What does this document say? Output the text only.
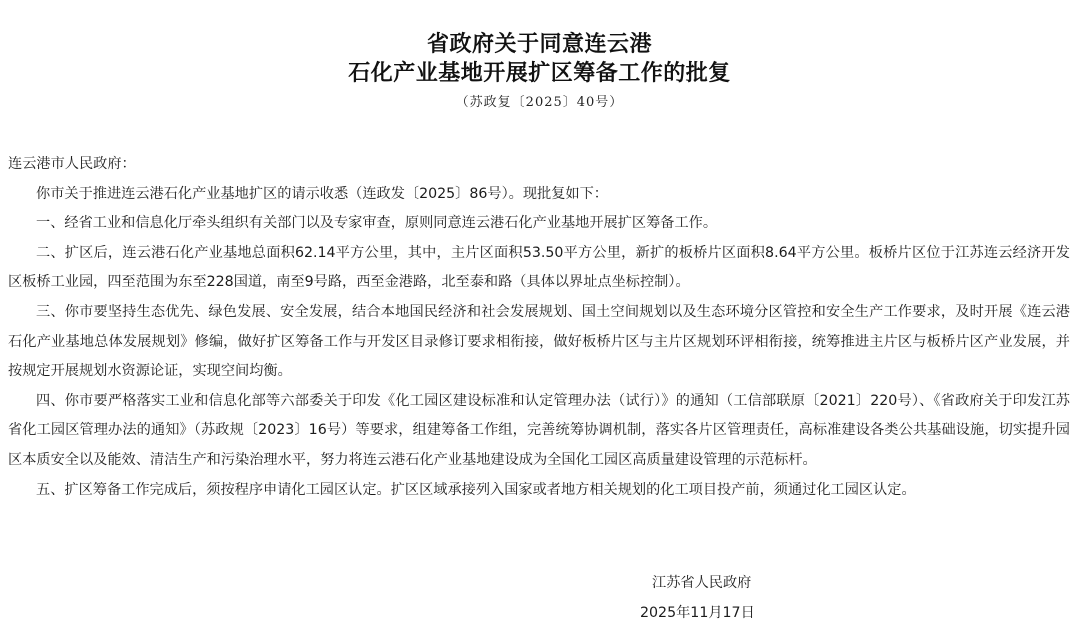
省政府关于同意连云港
石化产业基地开展扩区筹备工作的批复
（苏政复〔2025〕40号）

连云港市人民政府：

你市关于推进连云港石化产业基地扩区的请示收悉（连政发〔2025〕86号）。现批复如下：

一、经省工业和信息化厅牵头组织有关部门以及专家审查，原则同意连云港石化产业基地开展扩区筹备工作。

二、扩区后，连云港石化产业基地总面积62.14平方公里，其中，主片区面积53.50平方公里，新扩的板桥片区面积8.64平方公里。板桥片区位于江苏连云经济开发区板桥工业园，四至范围为东至228国道，南至9号路，西至金港路，北至泰和路（具体以界址点坐标控制）。

三、你市要坚持生态优先、绿色发展、安全发展，结合本地国民经济和社会发展规划、国土空间规划以及生态环境分区管控和安全生产工作要求，及时开展《连云港石化产业基地总体发展规划》修编，做好扩区筹备工作与开发区目录修订要求相衔接，做好板桥片区与主片区规划环评相衔接，统筹推进主片区与板桥片区产业发展，并按规定开展规划水资源论证，实现空间均衡。

四、你市要严格落实工业和信息化部等六部委关于印发《化工园区建设标准和认定管理办法（试行）》的通知（工信部联原〔2021〕220号）、《省政府关于印发江苏省化工园区管理办法的通知》（苏政规〔2023〕16号）等要求，组建筹备工作组，完善统筹协调机制，落实各片区管理责任，高标准建设各类公共基础设施，切实提升园区本质安全以及能效、清洁生产和污染治理水平，努力将连云港石化产业基地建设成为全国化工园区高质量建设管理的示范标杆。

五、扩区筹备工作完成后，须按程序申请化工园区认定。扩区区域承接列入国家或者地方相关规划的化工项目投产前，须通过化工园区认定。

江苏省人民政府
2025年11月17日
